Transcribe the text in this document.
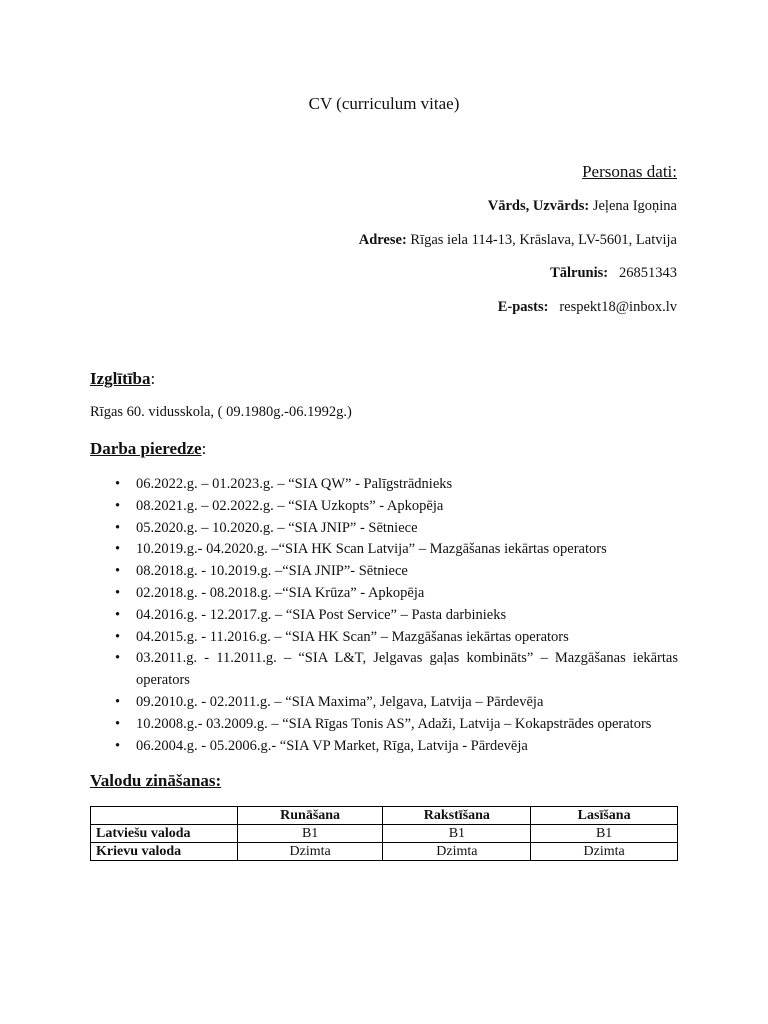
CV (curriculum vitae)
Personas dati:
Vārds, Uzvārds: Jeļena Igoņina
Adrese: Rīgas iela 114-13, Krāslava, LV-5601, Latvija
Tālrunis:   26851343
E-pasts:   respekt18@inbox.lv
Izglītība:
Rīgas 60. vidusskola, ( 09.1980g.-06.1992g.)
Darba pieredze:
• 06.2022.g. – 01.2023.g. – “SIA QW” - Palīgstrādnieks
• 08.2021.g. – 02.2022.g. – “SIA Uzkopts” - Apkopēja
• 05.2020.g. – 10.2020.g. – “SIA JNIP” - Sētniece
• 10.2019.g.- 04.2020.g. –“SIA HK Scan Latvija” – Mazgāšanas iekārtas operators
• 08.2018.g. - 10.2019.g. –“SIA JNIP”- Sētniece
• 02.2018.g. - 08.2018.g. –“SIA Krūza” - Apkopēja
• 04.2016.g. - 12.2017.g. – “SIA Post Service” – Pasta darbinieks
• 04.2015.g. - 11.2016.g. – “SIA HK Scan” – Mazgāšanas iekārtas operators
• 03.2011.g. - 11.2011.g. – “SIA L&T, Jelgavas gaļas kombināts” – Mazgāšanas iekārtas operators
• 09.2010.g. - 02.2011.g. – “SIA Maxima”, Jelgava, Latvija – Pārdevēja
• 10.2008.g.- 03.2009.g. – “SIA Rīgas Tonis AS”, Adaži, Latvija – Kokapstrādes operators
• 06.2004.g. - 05.2006.g.- “SIA VP Market, Rīga, Latvija - Pārdevēja
Valodu zināšanas:
	Runāšana	Rakstīšana	Lasīšana
Latviešu valoda	B1	B1	B1
Krievu valoda	Dzimta	Dzimta	Dzimta
